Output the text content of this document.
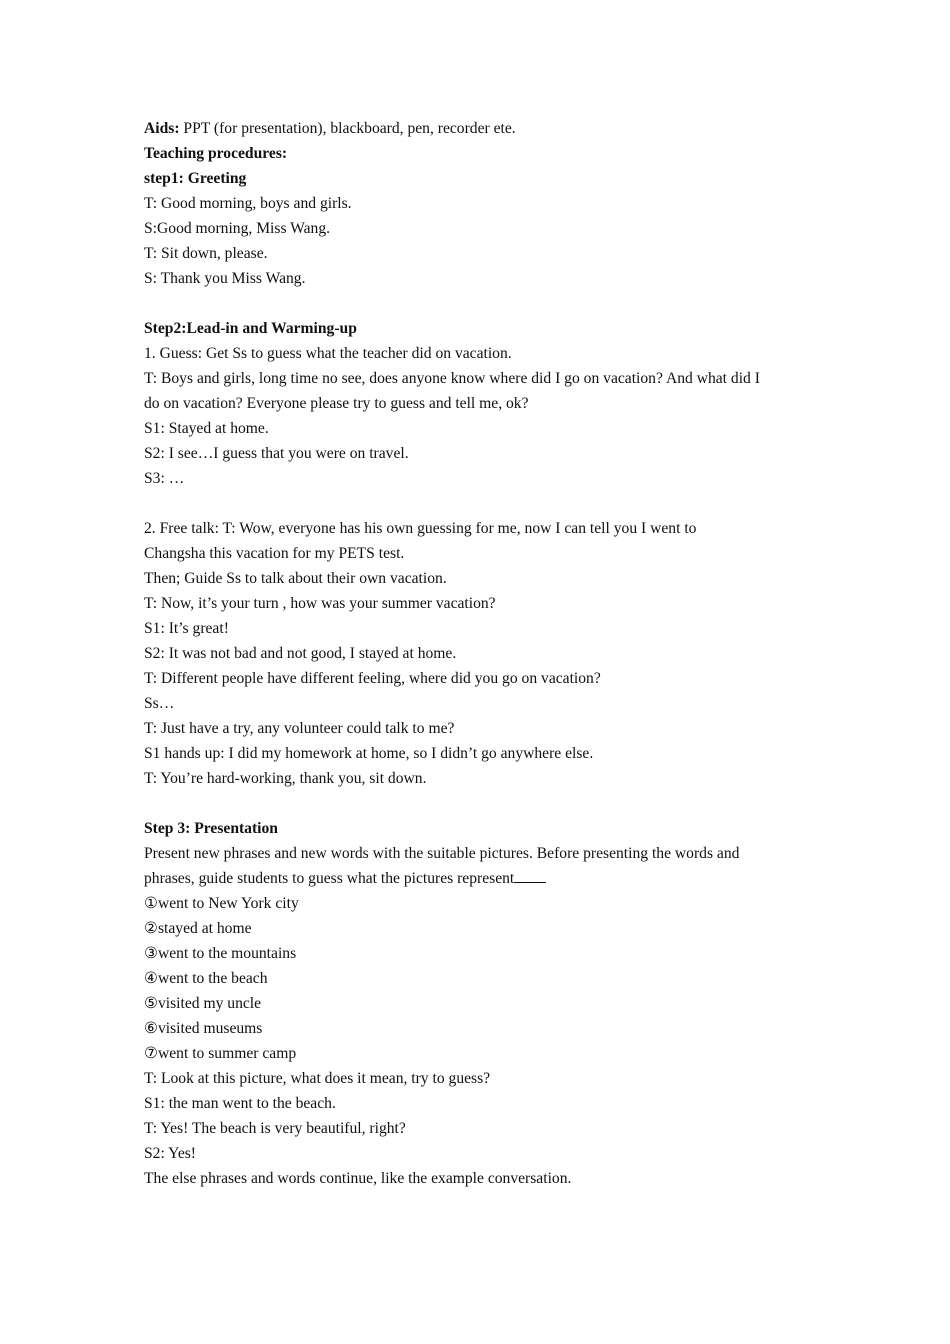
Aids: PPT (for presentation), blackboard, pen, recorder ete.
Teaching procedures:
step1: Greeting
T: Good morning, boys and girls.
S:Good morning, Miss Wang.
T: Sit down, please.
S: Thank you Miss Wang.
Step2:Lead-in and Warming-up
1. Guess: Get Ss to guess what the teacher did on vacation.
T: Boys and girls, long time no see, does anyone know where did I go on vacation? And what did I
do on vacation? Everyone please try to guess and tell me, ok?
S1: Stayed at home.
S2: I see…I guess that you were on travel.
S3: …
2. Free talk: T: Wow, everyone has his own guessing for me, now I can tell you I went to
Changsha this vacation for my PETS test.
Then; Guide Ss to talk about their own vacation.
T: Now, it’s your turn , how was your summer vacation?
S1: It’s great!
S2: It was not bad and not good, I stayed at home.
T: Different people have different feeling, where did you go on vacation?
Ss…
T: Just have a try, any volunteer could talk to me?
S1 hands up: I did my homework at home, so I didn’t go anywhere else.
T: You’re hard-working, thank you, sit down.
Step 3: Presentation
Present new phrases and new words with the suitable pictures. Before presenting the words and
phrases, guide students to guess what the pictures represent
①went to New York city
②stayed at home
③went to the mountains
④went to the beach
⑤visited my uncle
⑥visited museums
⑦went to summer camp
T: Look at this picture, what does it mean, try to guess?
S1: the man went to the beach.
T: Yes! The beach is very beautiful, right?
S2: Yes!
The else phrases and words continue, like the example conversation.
